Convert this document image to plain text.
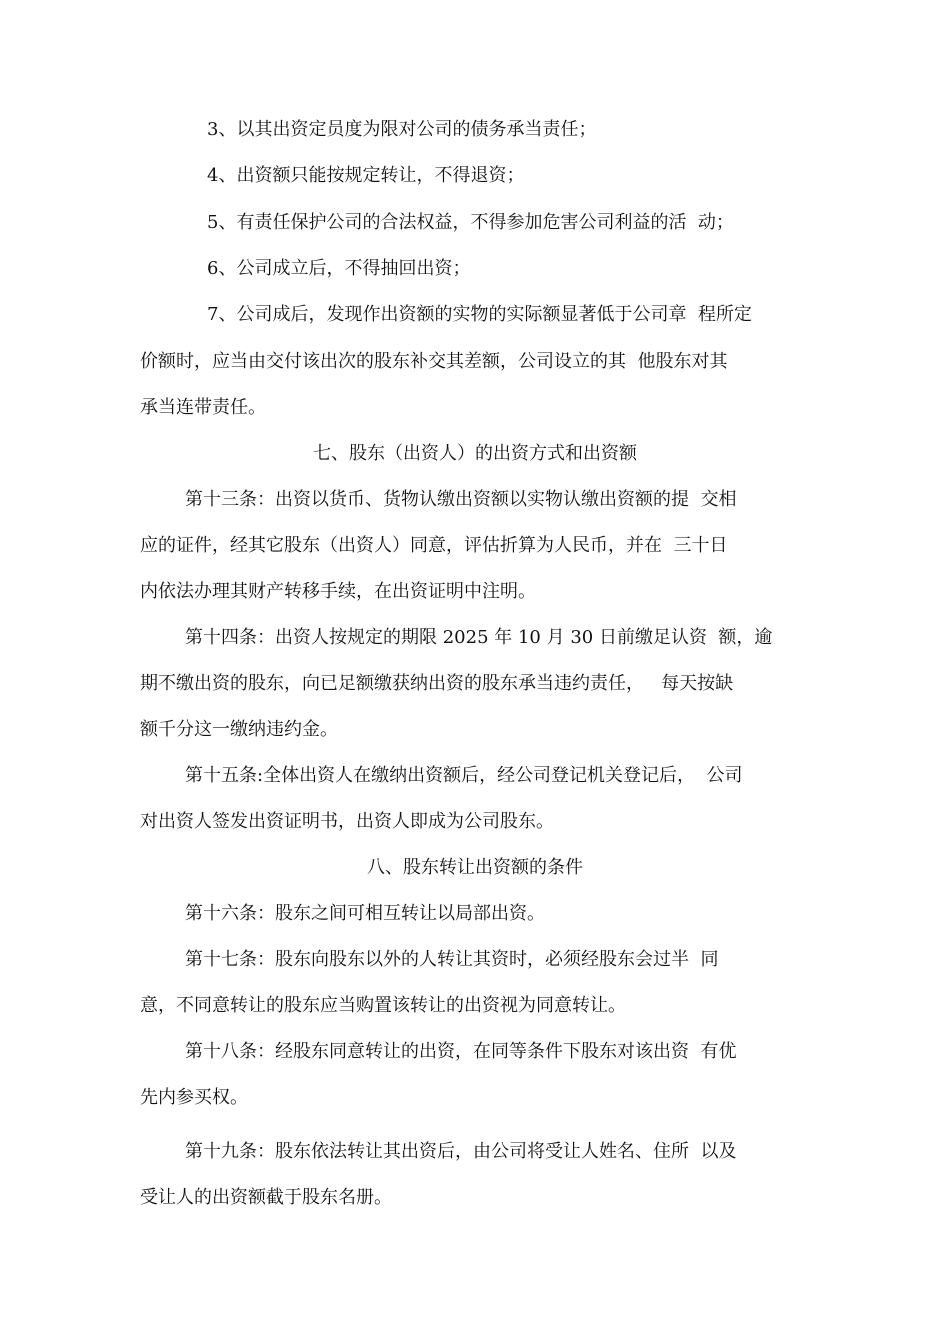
3、以其出资定员度为限对公司的债务承当责任；

4、出资额只能按规定转让，不得退资；

5、有责任保护公司的合法权益，不得参加危害公司利益的活  动；

6、公司成立后，不得抽回出资；

7、公司成后，发现作出资额的实物的实际额显著低于公司章  程所定

价额时，应当由交付该出次的股东补交其差额，公司设立的其  他股东对其

承当连带责任。

七、股东（出资人）的出资方式和出资额

第十三条：出资以货币、货物认缴出资额以实物认缴出资额的提  交相

应的证件，经其它股东（出资人）同意，评估折算为人民币，并在  三十日

内依法办理其财产转移手续，在出资证明中注明。

第十四条：出资人按规定的期限 2025 年 10 月 30 日前缴足认资  额，逾

期不缴出资的股东，向已足额缴获纳出资的股东承当违约责任，   每天按缺

额千分这一缴纳违约金。

第十五条:全体出资人在缴纳出资额后，经公司登记机关登记后，  公司

对出资人签发出资证明书，出资人即成为公司股东。

八、股东转让出资额的条件

第十六条：股东之间可相互转让以局部出资。

第十七条：股东向股东以外的人转让其资时，必须经股东会过半  同

意，不同意转让的股东应当购置该转让的出资视为同意转让。

第十八条：经股东同意转让的出资，在同等条件下股东对该出资  有优

先内参买权。

第十九条：股东依法转让其出资后，由公司将受让人姓名、住所  以及

受让人的出资额截于股东名册。
